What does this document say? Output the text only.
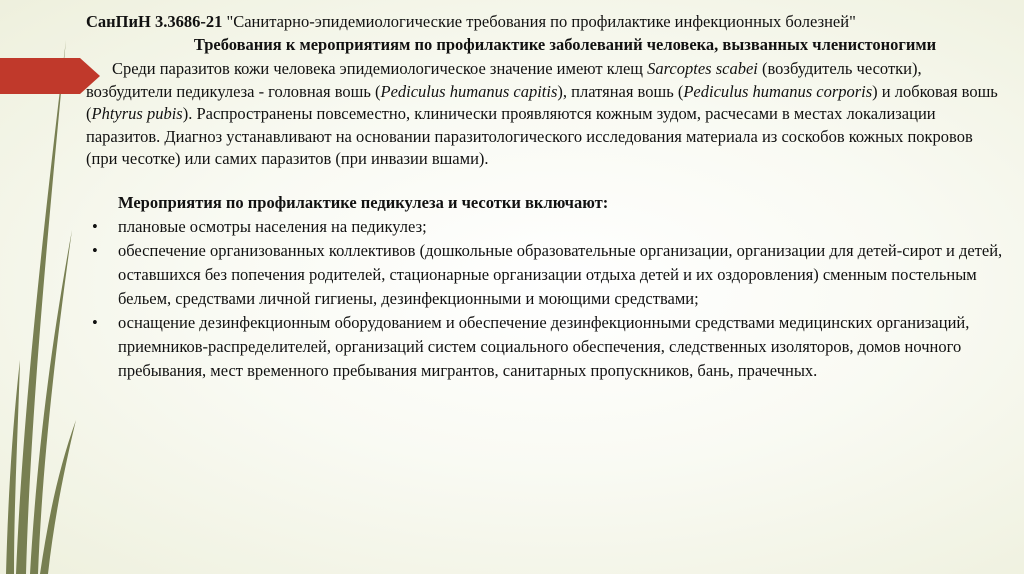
СанПиН 3.3686-21 "Санитарно-эпидемиологические требования по профилактике инфекционных болезней"

Требования к мероприятиям по профилактике заболеваний человека, вызванных членистоногими

Среди паразитов кожи человека эпидемиологическое значение имеют клещ Sarcoptes scabei (возбудитель чесотки), возбудители педикулеза - головная вошь (Pediculus humanus capitis), платяная вошь (Pediculus humanus corporis) и лобковая вошь (Phtyrus pubis). Распространены повсеместно, клинически проявляются кожным зудом, расчесами в местах локализации паразитов. Диагноз устанавливают на основании паразитологического исследования материала из соскобов кожных покровов (при чесотке) или самих паразитов (при инвазии вшами).

Мероприятия по профилактике педикулеза и чесотки включают:

• плановые осмотры населения на педикулез;
• обеспечение организованных коллективов (дошкольные образовательные организации, организации для детей-сирот и детей, оставшихся без попечения родителей, стационарные организации отдыха детей и их оздоровления) сменным постельным бельем, средствами личной гигиены, дезинфекционными и моющими средствами;
• оснащение дезинфекционным оборудованием и обеспечение дезинфекционными средствами медицинских организаций, приемников-распределителей, организаций систем социального обеспечения, следственных изоляторов, домов ночного пребывания, мест временного пребывания мигрантов, санитарных пропускников, бань, прачечных.
